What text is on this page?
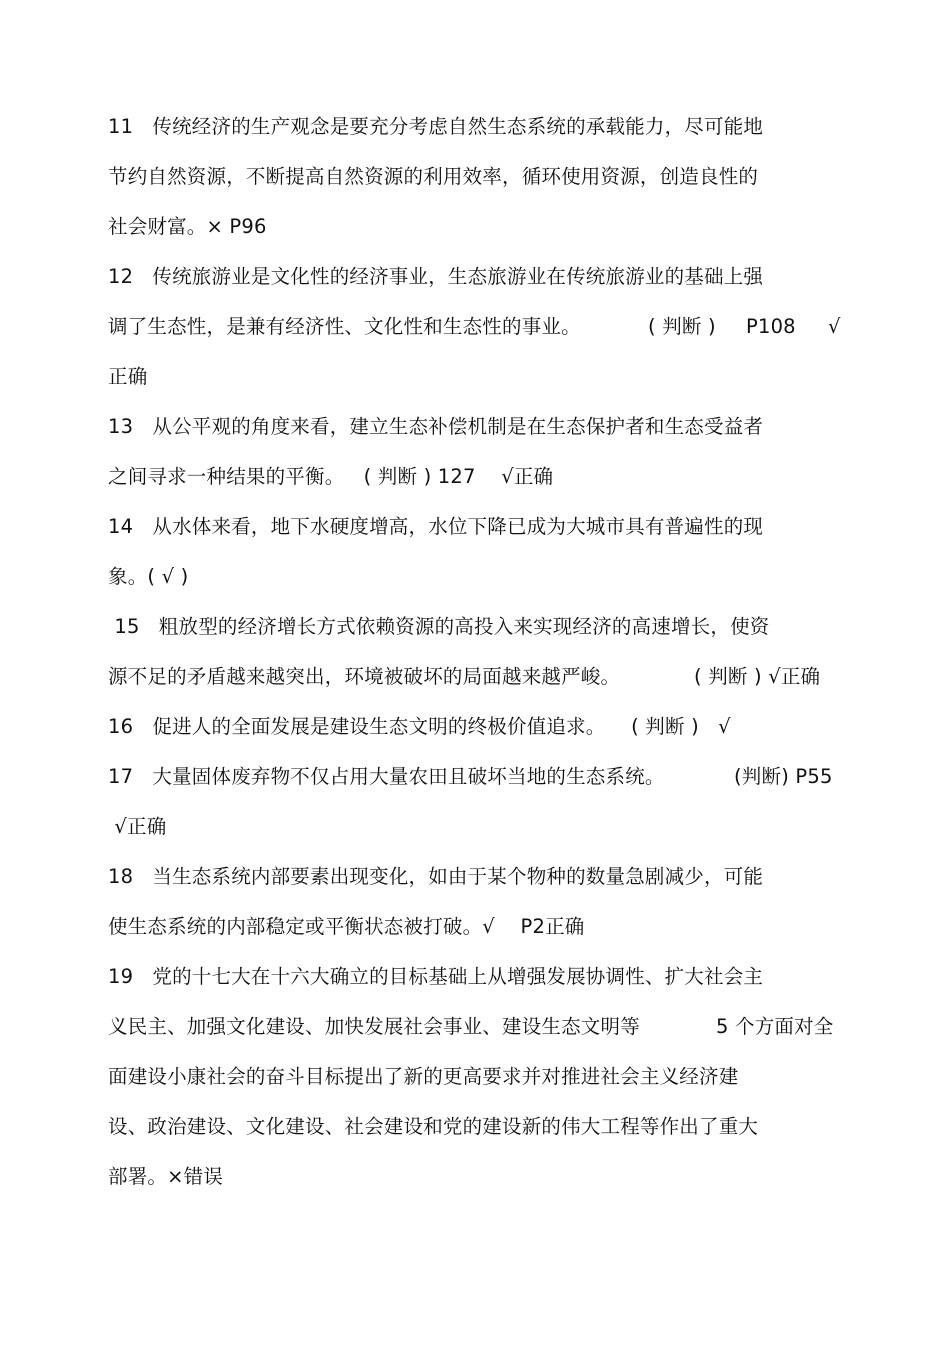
11   传统经济的生产观念是要充分考虑自然生态系统的承载能力，尽可能地
节约自然资源，不断提高自然资源的利用效率，循环使用资源，创造良性的
社会财富。× P96
12   传统旅游业是文化性的经济事业，生态旅游业在传统旅游业的基础上强
调了生态性，是兼有经济性、文化性和生态性的事业。	( 判断 ) P108 √
正确
13   从公平观的角度来看，建立生态补偿机制是在生态保护者和生态受益者
之间寻求一种结果的平衡。   ( 判断 ) 127    √正确
14   从水体来看，地下水硬度增高，水位下降已成为大城市具有普遍性的现
象。( √ )
15   粗放型的经济增长方式依赖资源的高投入来实现经济的高速增长，使资
源不足的矛盾越来越突出，环境被破坏的局面越来越严峻。	( 判断 ) √正确
16   促进人的全面发展是建设生态文明的终极价值追求。    ( 判断 )   √
17   大量固体废弃物不仅占用大量农田且破坏当地的生态系统。	(判断) P55
√正确
18   当生态系统内部要素出现变化，如由于某个物种的数量急剧减少，可能
使生态系统的内部稳定或平衡状态被打破。√    P2正确
19   党的十七大在十六大确立的目标基础上从增强发展协调性、扩大社会主
义民主、加强文化建设、加快发展社会事业、建设生态文明等	5 个方面对全
面建设小康社会的奋斗目标提出了新的更高要求并对推进社会主义经济建
设、政治建设、文化建设、社会建设和党的建设新的伟大工程等作出了重大
部署。×错误
